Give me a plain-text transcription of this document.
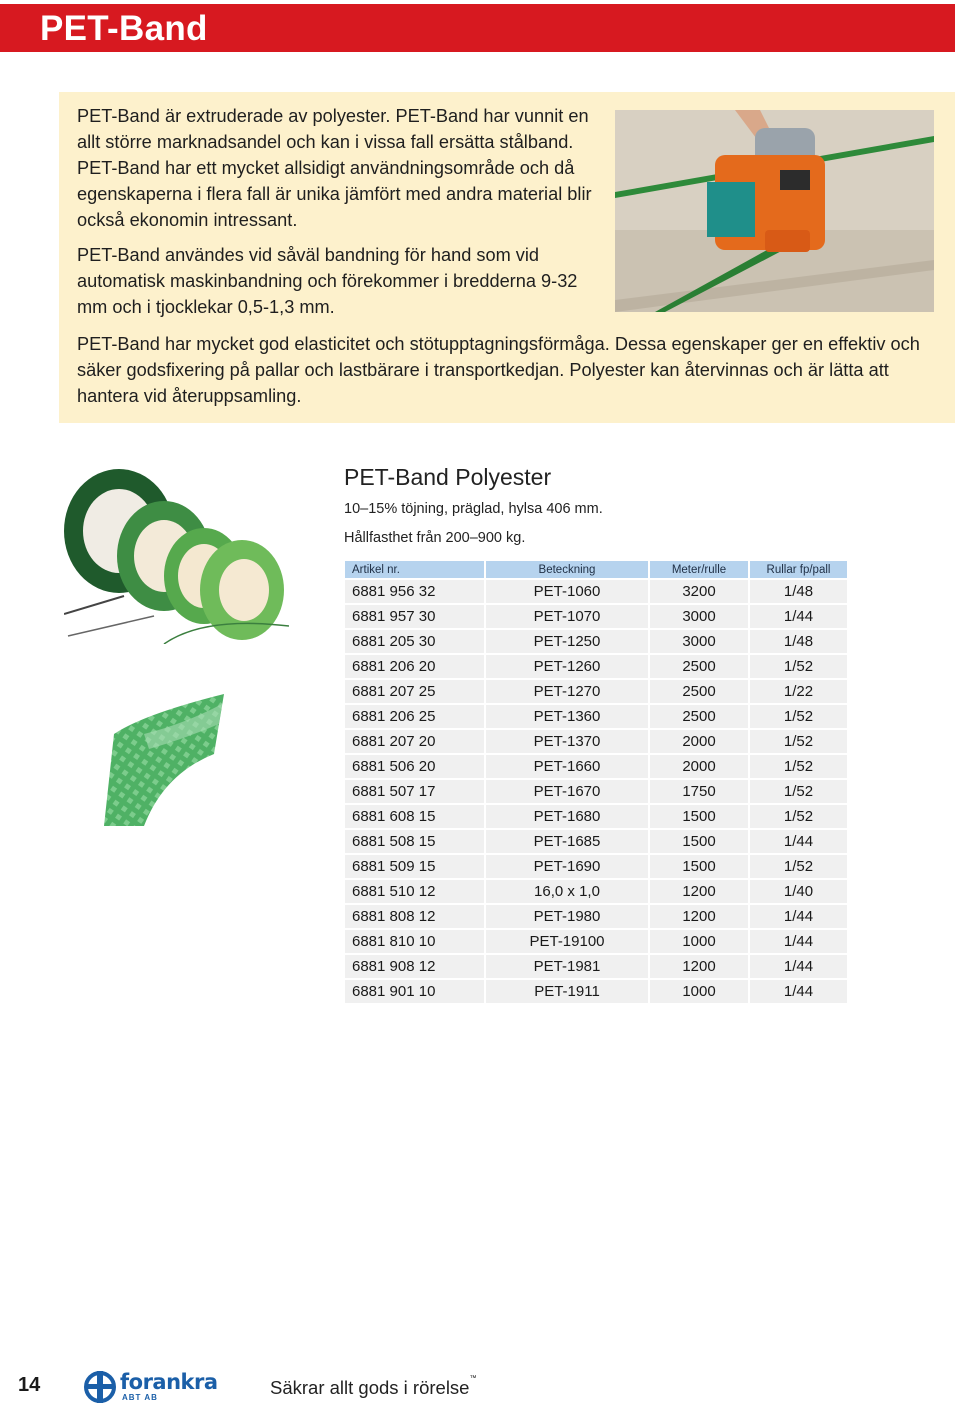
PET-Band

PET-Band är extruderade av polyester. PET-Band har vunnit en allt större marknadsandel och kan i vissa fall ersätta stålband. PET-Band har ett mycket allsidigt användningsområde och då egenskaperna i flera fall är unika jämfört med andra material blir också ekonomin intressant.

PET-Band användes vid såväl bandning för hand som vid automatisk maskinbandning och förekommer i bredderna 9-32 mm och i tjocklekar 0,5-1,3 mm.

PET-Band har mycket god elasticitet och stötupptagningsförmåga. Dessa egenskaper ger en effektiv och säker godsfixering på pallar och lastbärare i transportkedjan. Polyester kan återvinnas och är lätta att hantera vid återuppsamling.

PET-Band Polyester

10–15% töjning, präglad, hylsa 406 mm.

Hållfasthet från 200–900 kg.

Artikel nr.	Beteckning	Meter/rulle	Rullar fp/pall
6881 956 32	PET-1060	3200	1/48
6881 957 30	PET-1070	3000	1/44
6881 205 30	PET-1250	3000	1/48
6881 206 20	PET-1260	2500	1/52
6881 207 25	PET-1270	2500	1/22
6881 206 25	PET-1360	2500	1/52
6881 207 20	PET-1370	2000	1/52
6881 506 20	PET-1660	2000	1/52
6881 507 17	PET-1670	1750	1/52
6881 608 15	PET-1680	1500	1/52
6881 508 15	PET-1685	1500	1/44
6881 509 15	PET-1690	1500	1/52
6881 510 12	16,0 x 1,0	1200	1/40
6881 808 12	PET-1980	1200	1/44
6881 810 10	PET-19100	1000	1/44
6881 908 12	PET-1981	1200	1/44
6881 901 10	PET-1911	1000	1/44
14	forankra
ABT AB	Säkrar allt gods i rörelse™
